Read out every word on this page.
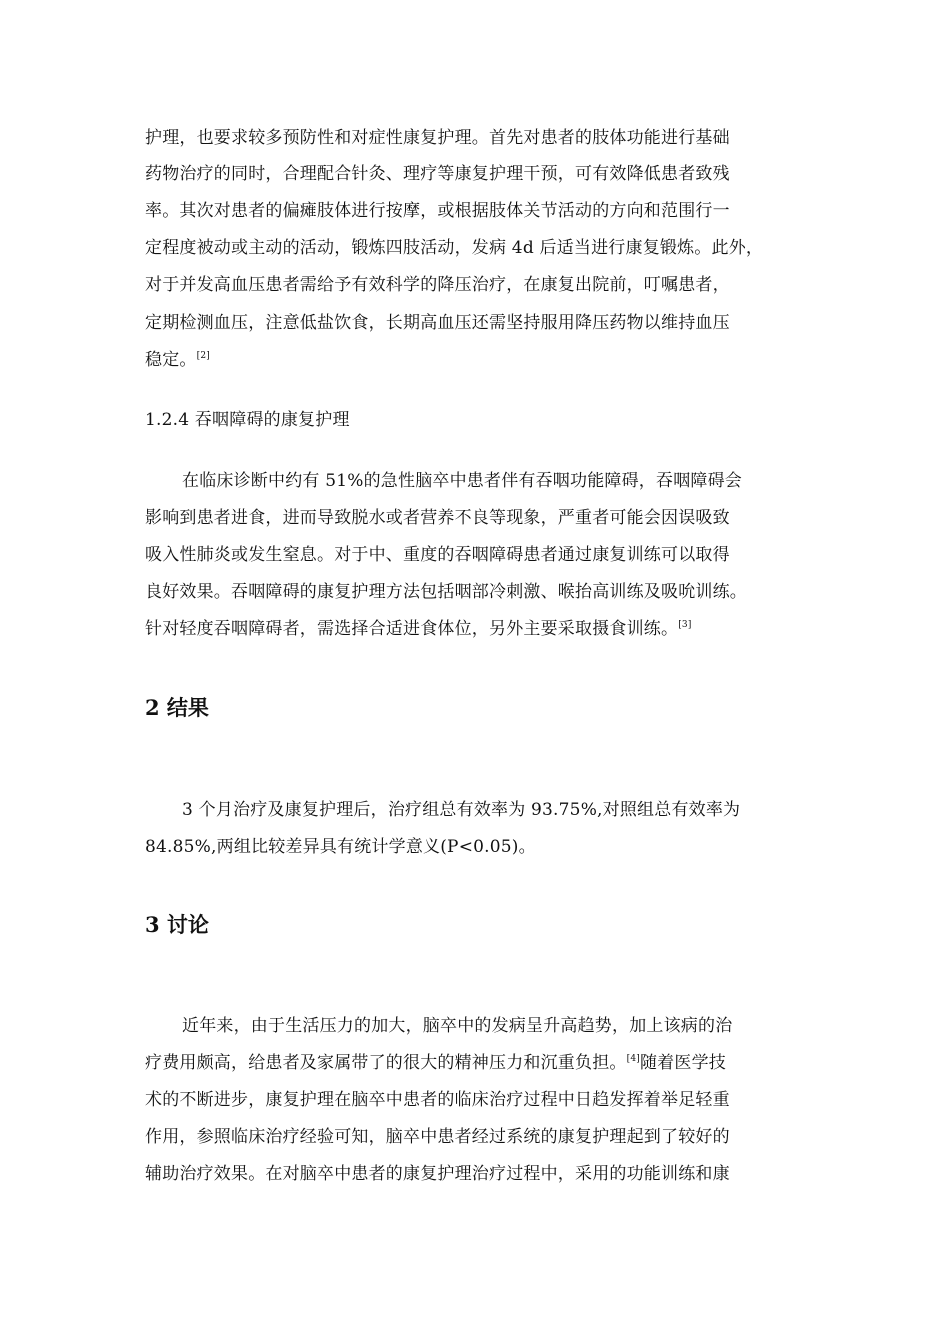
护理，也要求较多预防性和对症性康复护理。首先对患者的肢体功能进行基础
药物治疗的同时，合理配合针灸、理疗等康复护理干预，可有效降低患者致残
率。其次对患者的偏瘫肢体进行按摩，或根据肢体关节活动的方向和范围行一
定程度被动或主动的活动，锻炼四肢活动，发病 4d 后适当进行康复锻炼。此外，
对于并发高血压患者需给予有效科学的降压治疗，在康复出院前，叮嘱患者，
定期检测血压，注意低盐饮食，长期高血压还需坚持服用降压药物以维持血压
稳定。[2]
1.2.4 吞咽障碍的康复护理
在临床诊断中约有 51%的急性脑卒中患者伴有吞咽功能障碍，吞咽障碍会
影响到患者进食，进而导致脱水或者营养不良等现象，严重者可能会因误吸致
吸入性肺炎或发生窒息。对于中、重度的吞咽障碍患者通过康复训练可以取得
良好效果。吞咽障碍的康复护理方法包括咽部冷刺激、喉抬高训练及吸吮训练。
针对轻度吞咽障碍者，需选择合适进食体位，另外主要采取摄食训练。[3]
2 结果
3 个月治疗及康复护理后，治疗组总有效率为 93.75%,对照组总有效率为
84.85%,两组比较差异具有统计学意义(P<0.05)。
3 讨论
近年来，由于生活压力的加大，脑卒中的发病呈升高趋势，加上该病的治
疗费用颇高，给患者及家属带了的很大的精神压力和沉重负担。[4]随着医学技
术的不断进步，康复护理在脑卒中患者的临床治疗过程中日趋发挥着举足轻重
作用，参照临床治疗经验可知，脑卒中患者经过系统的康复护理起到了较好的
辅助治疗效果。在对脑卒中患者的康复护理治疗过程中，采用的功能训练和康
